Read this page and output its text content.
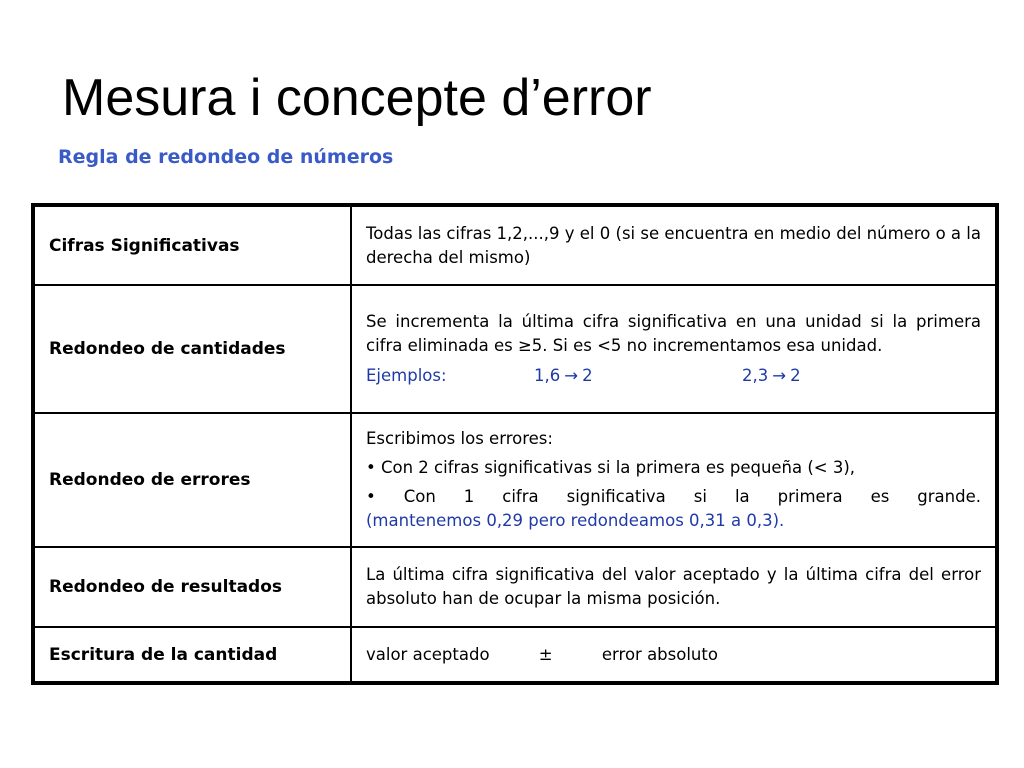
Mesura i concepte d’error
Regla de redondeo de números
Cifras Significativas	Todas las cifras 1,2,...,9 y el 0 (si se encuentra en medio del número o a la derecha del mismo)

Redondeo de cantidades	Se incrementa la última cifra significativa en una unidad si la primera cifra eliminada es ≥5. Si es <5 no incrementamos esa unidad.

Ejemplos: 1,6 → 2 2,3 → 2

Redondeo de errores	Escribimos los errores:

• Con 2 cifras significativas si la primera es pequeña (< 3),

• Con 1 cifra significativa si la primera es grande.

(mantenemos 0,29 pero redondeamos 0,31 a 0,3).

Redondeo de resultados	La última cifra significativa del valor aceptado y la última cifra del error absoluto han de ocupar la misma posición.

Escritura de la cantidad	valor aceptado ± error absoluto
